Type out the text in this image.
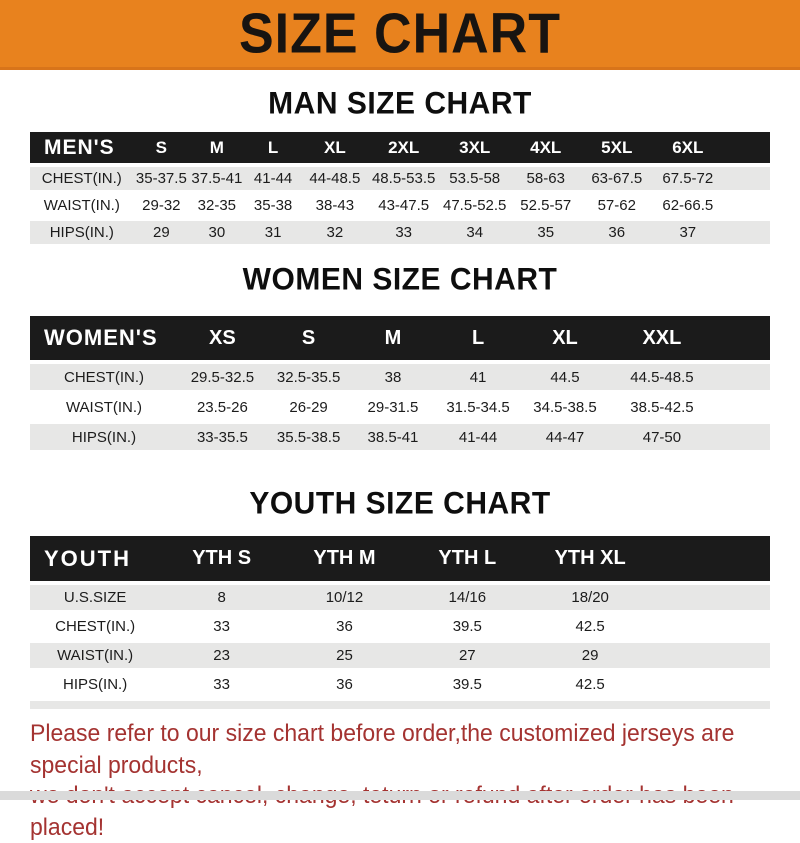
SIZE CHART
MAN SIZE CHART
MEN'S	S	M	L	XL	2XL	3XL	4XL	5XL	6XL	
CHEST(IN.)	35-37.5	37.5-41	41-44	44-48.5	48.5-53.5	53.5-58	58-63	63-67.5	67.5-72	
WAIST(IN.)	29-32	32-35	35-38	38-43	43-47.5	47.5-52.5	52.5-57	57-62	62-66.5	
HIPS(IN.)	29	30	31	32	33	34	35	36	37	
WOMEN SIZE CHART
WOMEN'S	XS	S	M	L	XL	XXL	
CHEST(IN.)	29.5-32.5	32.5-35.5	38	41	44.5	44.5-48.5	
WAIST(IN.)	23.5-26	26-29	29-31.5	31.5-34.5	34.5-38.5	38.5-42.5	
HIPS(IN.)	33-35.5	35.5-38.5	38.5-41	41-44	44-47	47-50	
YOUTH SIZE CHART
YOUTH	YTH S	YTH M	YTH L	YTH XL	
U.S.SIZE	8	10/12	14/16	18/20	
CHEST(IN.)	33	36	39.5	42.5	
WAIST(IN.)	23	25	27	29	
HIPS(IN.)	33	36	39.5	42.5	

Please refer to our size chart before order,the customized jerseys are special products,

placed!
